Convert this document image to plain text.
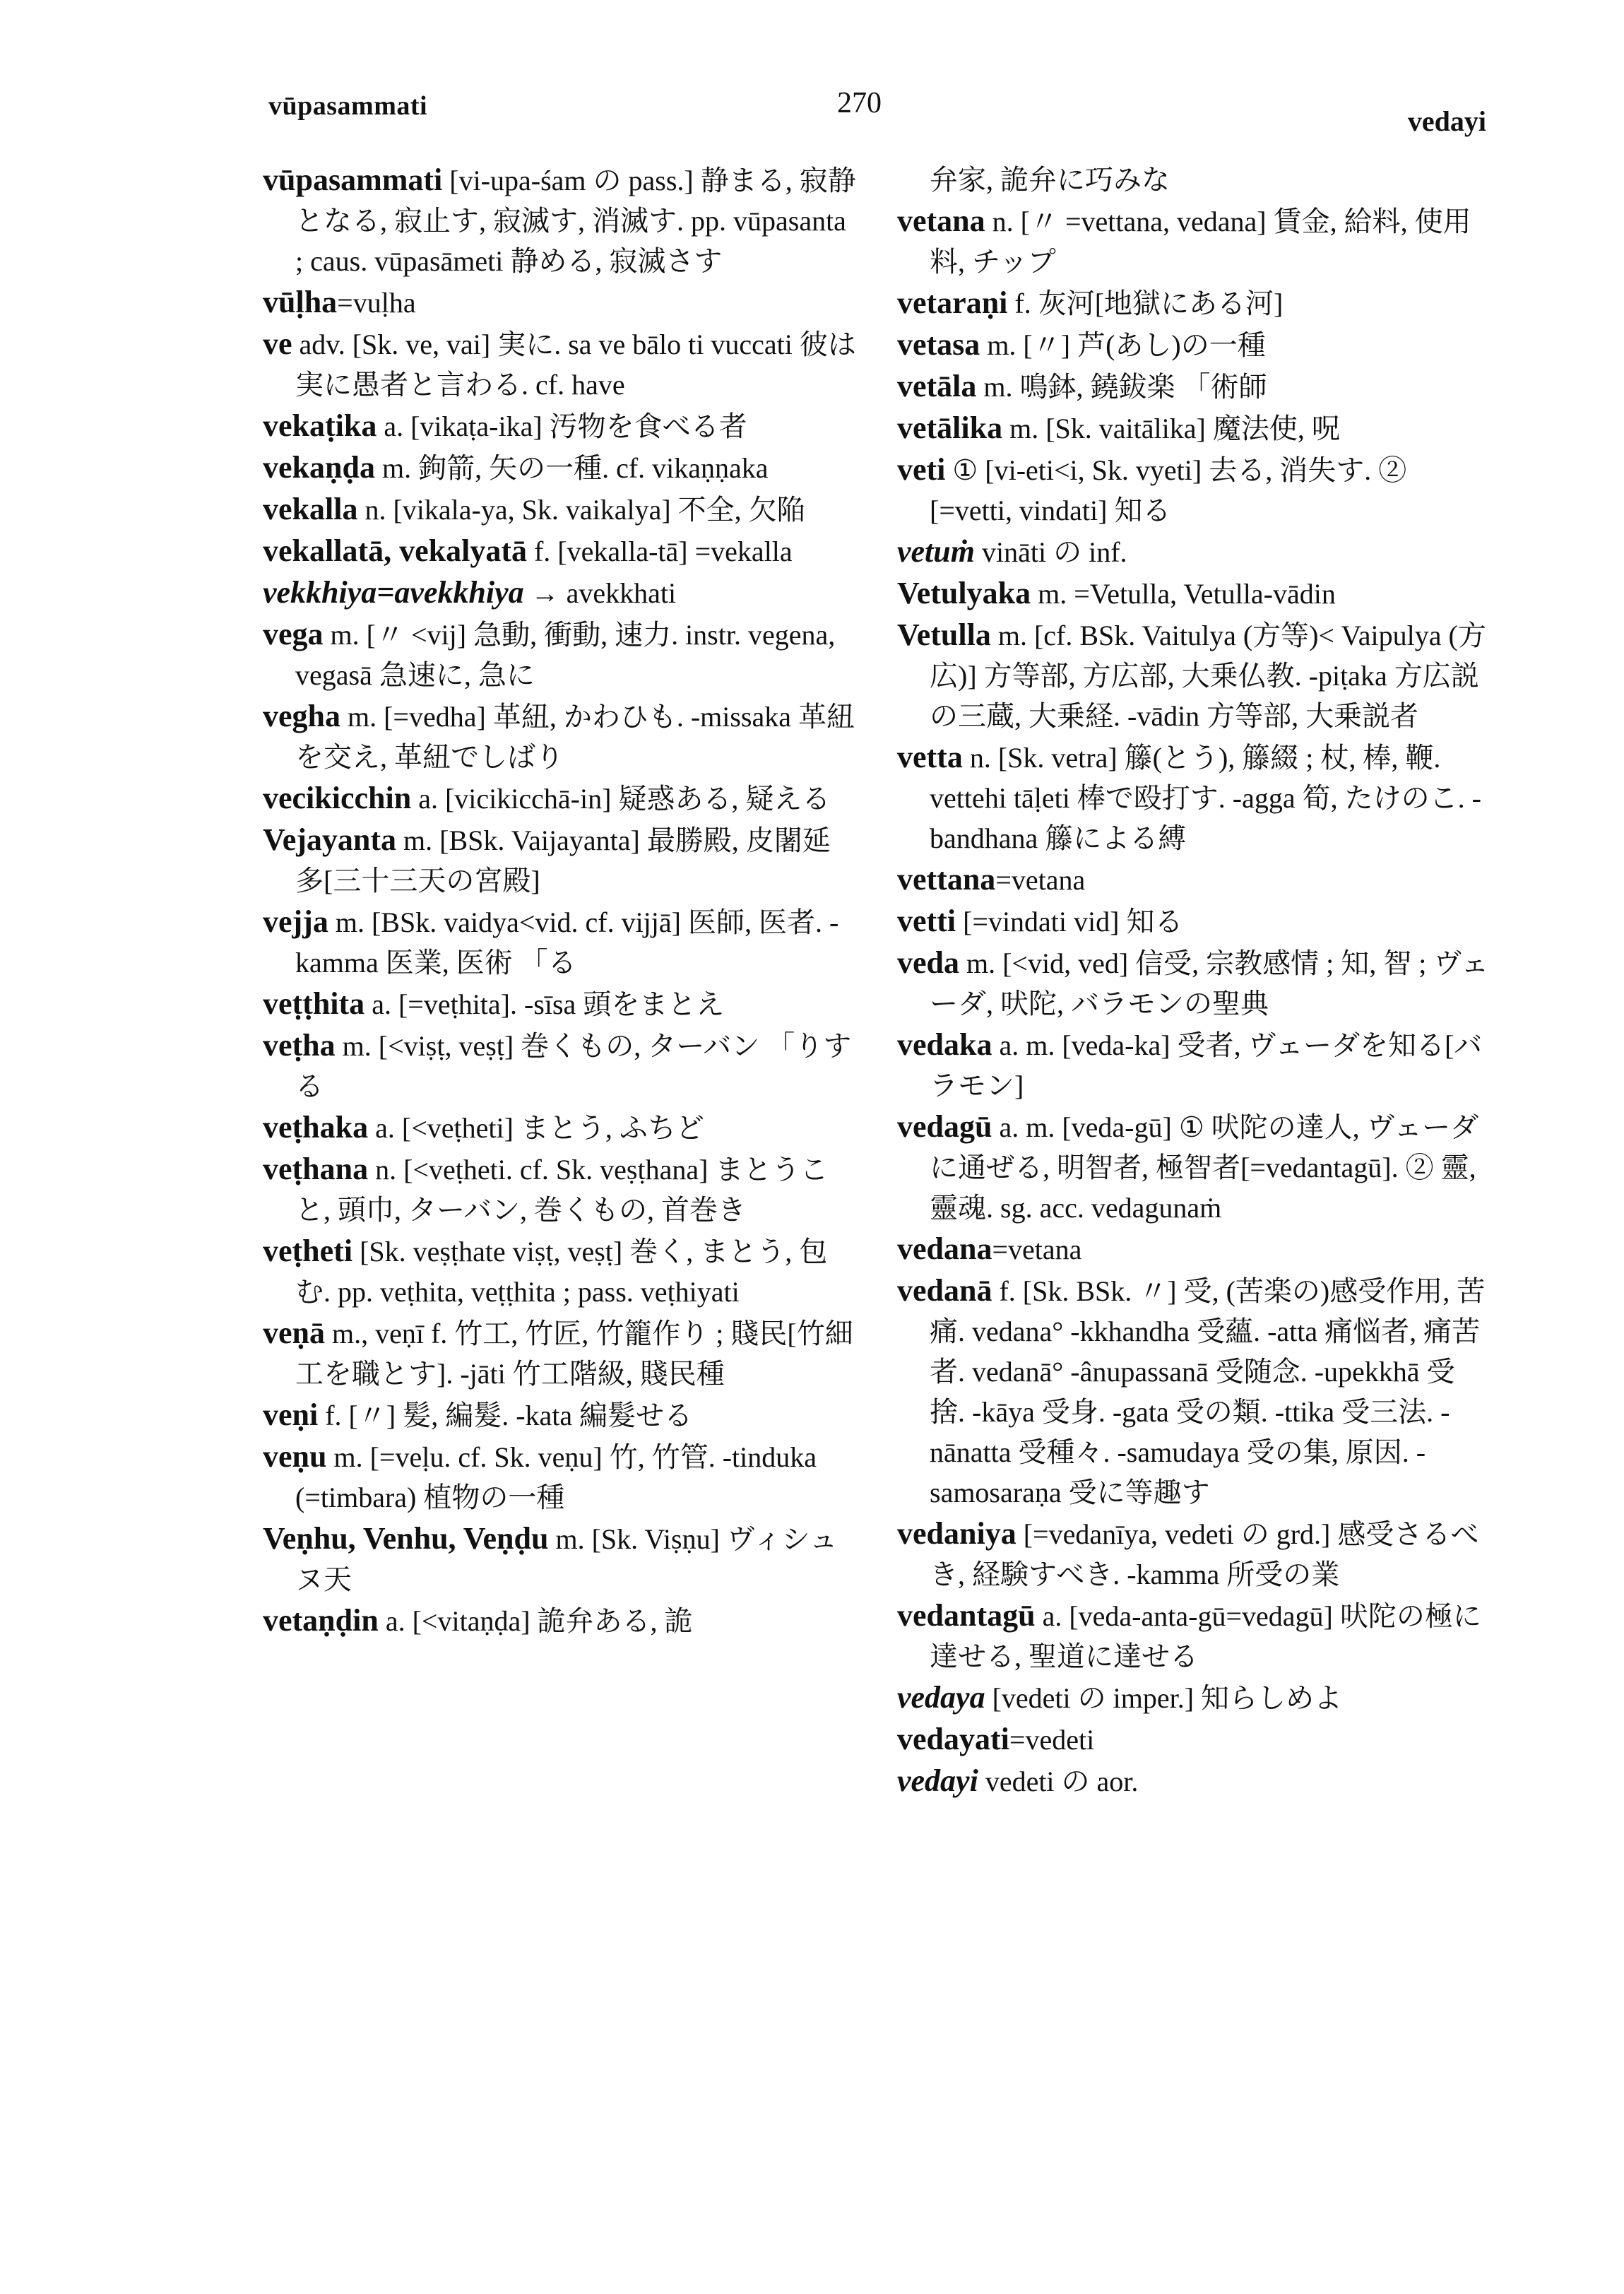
vūpasammati	270
vedayi
vūpasammati [vi-upa-śam の pass.] 静まる, 寂静となる, 寂止す, 寂滅す, 消滅す. pp. vūpasanta ; caus. vūpasāmeti 静める, 寂滅さす
vūḷha=vuḷha
ve adv. [Sk. ve, vai] 実に. sa ve bālo ti vuccati 彼は実に愚者と言わる. cf. have
vekaṭika a. [vikaṭa-ika] 汚物を食べる者
vekaṇḍa m. 鉤箭, 矢の一種. cf. vikaṇṇaka
vekalla n. [vikala-ya, Sk. vaikalya] 不全, 欠陥
vekallatā, vekalyatā f. [vekalla-tā] =vekalla
vekkhiya=avekkhiya → avekkhati
vega m. [〃 <vij] 急動, 衝動, 速力. instr. vegena, vegasā 急速に, 急に
vegha m. [=vedha] 革紐, かわひも. -missaka 革紐を交え, 革紐でしばり
vecikicchin a. [vicikicchā-in] 疑惑ある, 疑える
Vejayanta m. [BSk. Vaijayanta] 最勝殿, 皮闍延多[三十三天の宮殿]
vejja m. [BSk. vaidya<vid. cf. vijjā] 医師, 医者. -kamma 医業, 医術 「る
veṭṭhita a. [=veṭhita]. -sīsa 頭をまとえ
veṭha m. [<viṣṭ, veṣṭ] 巻くもの, ターバン 「りする
veṭhaka a. [<veṭheti] まとう, ふちど
veṭhana n. [<veṭheti. cf. Sk. veṣṭhana] まとうこと, 頭巾, ターバン, 巻くもの, 首巻き
veṭheti [Sk. veṣṭhate viṣṭ, veṣṭ] 巻く, まとう, 包む. pp. veṭhita, veṭṭhita ; pass. veṭhiyati
veṇā m., veṇī f. 竹工, 竹匠, 竹籠作り ; 賤民[竹細工を職とす]. -jāti 竹工階級, 賤民種
veṇi f. [〃] 髪, 編髮. -kata 編髮せる
veṇu m. [=veḷu. cf. Sk. veṇu] 竹, 竹管. -tinduka (=timbara) 植物の一種
Veṇhu, Venhu, Veṇḍu m. [Sk. Viṣṇu] ヴィシュヌ天
vetaṇḍin a. [<vitaṇḍa] 詭弁ある, 詭
弁家, 詭弁に巧みな
vetana n. [〃 =vettana, vedana] 賃金, 給料, 使用料, チップ
vetaraṇi f. 灰河[地獄にある河]
vetasa m. [〃] 芦(あし)の一種
vetāla m. 鳴鉢, 鐃鈸楽 「術師
vetālika m. [Sk. vaitālika] 魔法使, 呪
veti ① [vi-eti<i, Sk. vyeti] 去る, 消失す. ② [=vetti, vindati] 知る
vetuṁ vināti の inf.
Vetulyaka m. =Vetulla, Vetulla-vādin
Vetulla m. [cf. BSk. Vaitulya (方等)< Vaipulya (方広)] 方等部, 方広部, 大乗仏教. -piṭaka 方広説の三蔵, 大乗経. -vādin 方等部, 大乗説者
vetta n. [Sk. vetra] 籐(とう), 籐綴 ; 杖, 棒, 鞭. vettehi tāḷeti 棒で殴打す. -agga 筍, たけのこ. -bandhana 籐による縛
vettana=vetana
vetti [=vindati vid] 知る
veda m. [<vid, ved] 信受, 宗教感情 ; 知, 智 ; ヴェーダ, 吠陀, バラモンの聖典
vedaka a. m. [veda-ka] 受者, ヴェーダを知る[バラモン]
vedagū a. m. [veda-gū] ① 吠陀の達人, ヴェーダに通ぜる, 明智者, 極智者[=vedantagū]. ② 靈, 靈魂. sg. acc. vedagunaṁ
vedana=vetana
vedanā f. [Sk. BSk. 〃] 受, (苦楽の)感受作用, 苦痛. vedana° -kkhandha 受蘊. -atta 痛悩者, 痛苦者. vedanā° -ânupassanā 受随念. -upekkhā 受捨. -kāya 受身. -gata 受の類. -ttika 受三法. -nānatta 受種々. -samudaya 受の集, 原因. -samosaraṇa 受に等趣す
vedaniya [=vedanīya, vedeti の grd.] 感受さるべき, 経験すべき. -kamma 所受の業
vedantagū a. [veda-anta-gū=vedagū] 吠陀の極に達せる, 聖道に達せる
vedaya [vedeti の imper.] 知らしめよ
vedayati=vedeti
vedayi vedeti の aor.
